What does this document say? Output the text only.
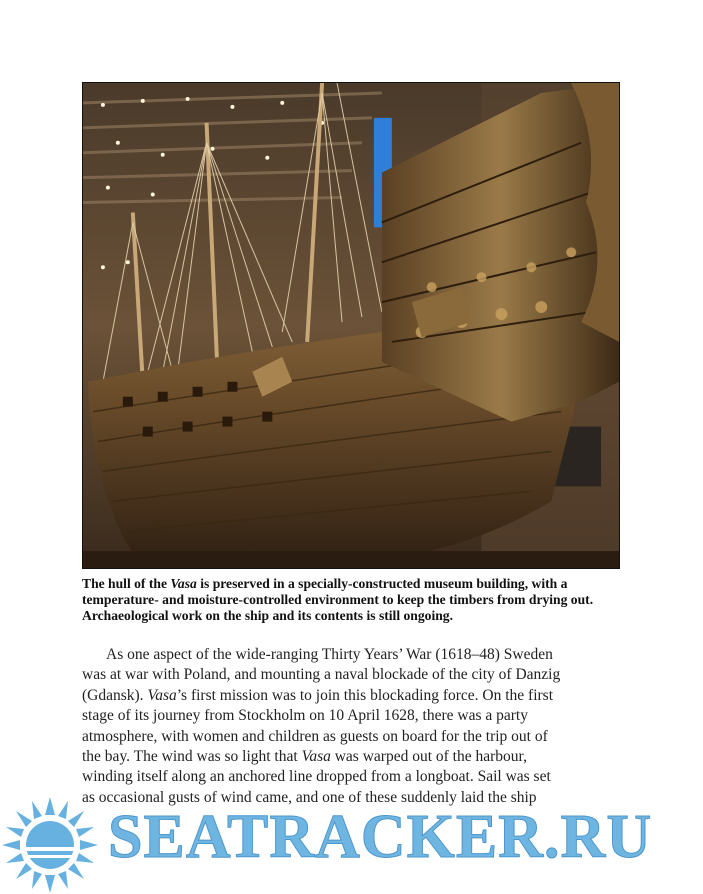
The hull of the Vasa is preserved in a specially-constructed museum building, with a temperature- and moisture-controlled environment to keep the timbers from drying out. Archaeological work on the ship and its contents is still ongoing.

As one aspect of the wide-ranging Thirty Years’ War (1618–48) Sweden
was at war with Poland, and mounting a naval blockade of the city of Danzig
(Gdansk). Vasa’s first mission was to join this blockading force. On the first
stage of its journey from Stockholm on 10 April 1628, there was a party
atmosphere, with women and children as guests on board for the trip out of
the bay. The wind was so light that Vasa was warped out of the harbour,
winding itself along an anchored line dropped from a longboat. Sail was set
as occasional gusts of wind came, and one of these suddenly laid the ship
SEATRACKER.RU
